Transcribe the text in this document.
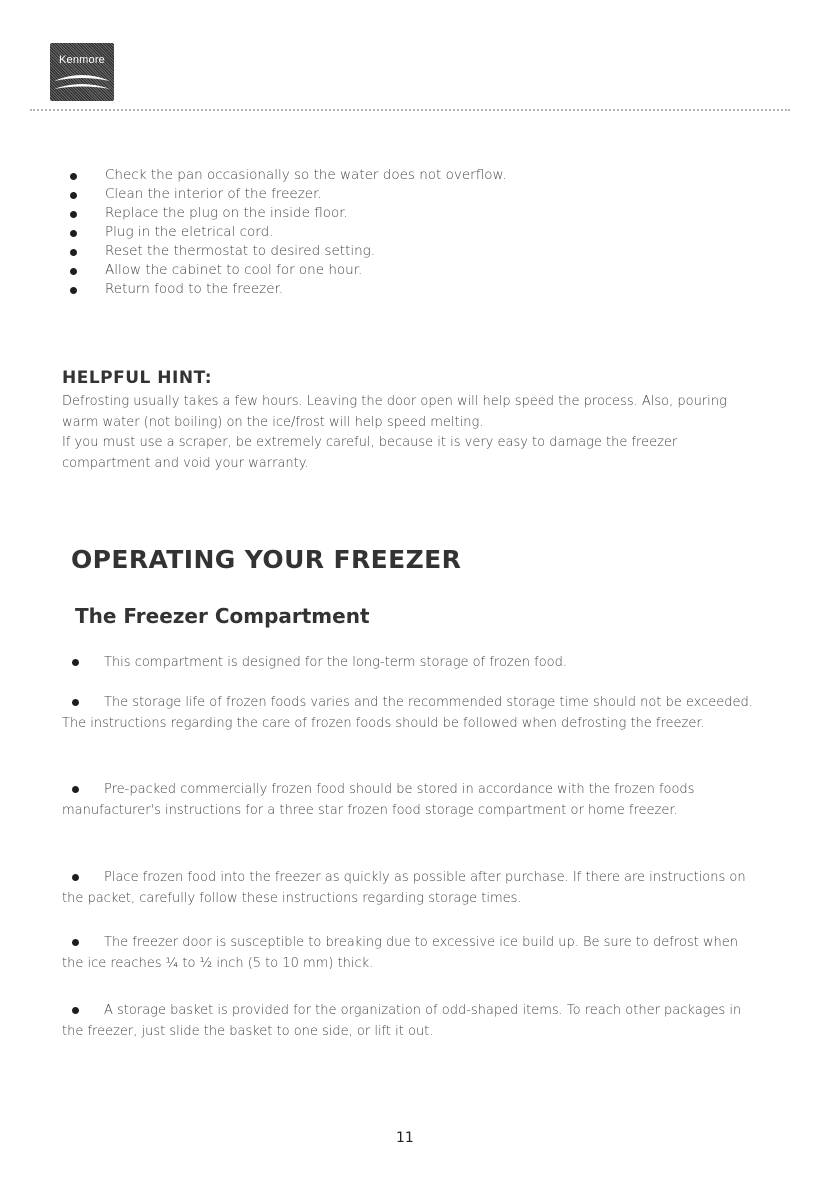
Kenmore
Check the pan occasionally so the water does not overflow.
Clean the interior of the freezer.
Replace the plug on the inside floor.
Plug in the eletrical cord.
Reset the thermostat to desired setting.
Allow the cabinet to cool for one hour.
Return food to the freezer.
HELPFUL HINT:
Defrosting usually takes a few hours. Leaving the door open will help speed the process. Also, pouring warm water (not boiling) on the ice/frost will help speed melting.
If you must use a scraper, be extremely careful, because it is very easy to damage the freezer compartment and void your warranty.
OPERATING YOUR FREEZER
The Freezer Compartment

This compartment is designed for the long-term storage of frozen food.

The storage life of frozen foods varies and the recommended storage time should not be exceeded. The instructions regarding the care of frozen foods should be followed when defrosting the freezer.

Pre-packed commercially frozen food should be stored in accordance with the frozen foods manufacturer's instructions for a three star frozen food storage compartment or home freezer.

Place frozen food into the freezer as quickly as possible after purchase. If there are instructions on the packet, carefully follow these instructions regarding storage times.

The freezer door is susceptible to breaking due to excessive ice build up. Be sure to defrost when the ice reaches ¼ to ½ inch (5 to 10 mm) thick.

A storage basket is provided for the organization of odd-shaped items. To reach other packages in the freezer, just slide the basket to one side, or lift it out.

11
